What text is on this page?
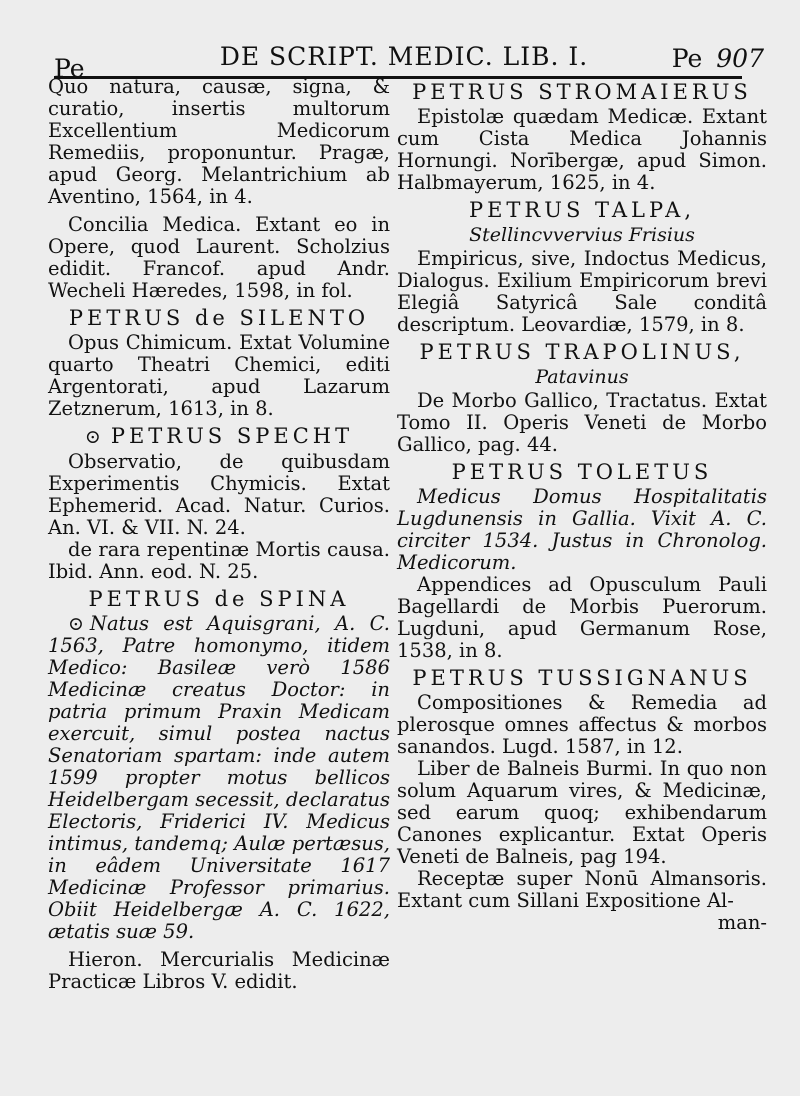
Pe	DE SCRIPT. MEDIC. LIB. I.	Pe 907

Quo natura, causæ, signa, & curatio, insertis multorum Excellentium Medicorum Remediis, proponuntur. Pragæ, apud Georg. Melantrichium ab Aventino, 1564, in 4.

Concilia Medica. Extant eo in Opere, quod Laurent. Scholzius edidit. Francof. apud Andr. Wecheli Hæredes, 1598, in fol.

PETRUS de SILENTO

Opus Chimicum. Extat Volumine quarto Theatri Chemici, editi Argentorati, apud Lazarum Zetznerum, 1613, in 8.

⊙ PETRUS SPECHT

Observatio, de quibusdam Experimentis Chymicis. Extat Ephemerid. Acad. Natur. Curios. An. VI. & VII. N. 24.

de rara repentinæ Mortis causa. Ibid. Ann. eod. N. 25.

PETRUS de SPINA

⊙ Natus est Aquisgrani, A. C. 1563, Patre homonymo, itidem Medico: Basileæ verò 1586 Medicinæ creatus Doctor: in patria primum Praxin Medicam exercuit, simul postea nactus Senatoriam spartam: inde autem 1599 propter motus bellicos Heidelbergam secessit, declaratus Electoris, Friderici IV. Medicus intimus, tandemq; Aulæ pertæsus, in eâdem Universitate 1617 Medicinæ Professor primarius. Obiit Heidelbergæ A. C. 1622, ætatis suæ 59.

Hieron. Mercurialis Medicinæ Practicæ Libros V. edidit.

PETRUS STROMAIERUS

Epistolæ quædam Medicæ. Extant cum Cista Medica Johannis Hornungi. Norībergæ, apud Simon. Halbmayerum, 1625, in 4.

PETRUS TALPA,
Stellincvvervius Frisius

Empiricus, sive, Indoctus Medicus, Dialogus. Exilium Empiricorum brevi Elegiâ Satyricâ Sale conditâ descriptum. Leovardiæ, 1579, in 8.

PETRUS TRAPOLINUS,
Patavinus

De Morbo Gallico, Tractatus. Extat Tomo II. Operis Veneti de Morbo Gallico, pag. 44.

PETRUS TOLETUS

Medicus Domus Hospitalitatis Lugdunensis in Gallia. Vixit A. C. circiter 1534. Justus in Chronolog. Medicorum.

Appendices ad Opusculum Pauli Bagellardi de Morbis Puerorum. Lugduni, apud Germanum Rose, 1538, in 8.

PETRUS TUSSIGNANUS

Compositiones & Remedia ad plerosque omnes affectus & morbos sanandos. Lugd. 1587, in 12.

Liber de Balneis Burmi. In quo non solum Aquarum vires, & Medicinæ, sed earum quoq; exhibendarum Canones explicantur. Extat Operis Veneti de Balneis, pag 194.

Receptæ super Nonū Almansoris. Extant cum Sillani Expositione Al-

man-
